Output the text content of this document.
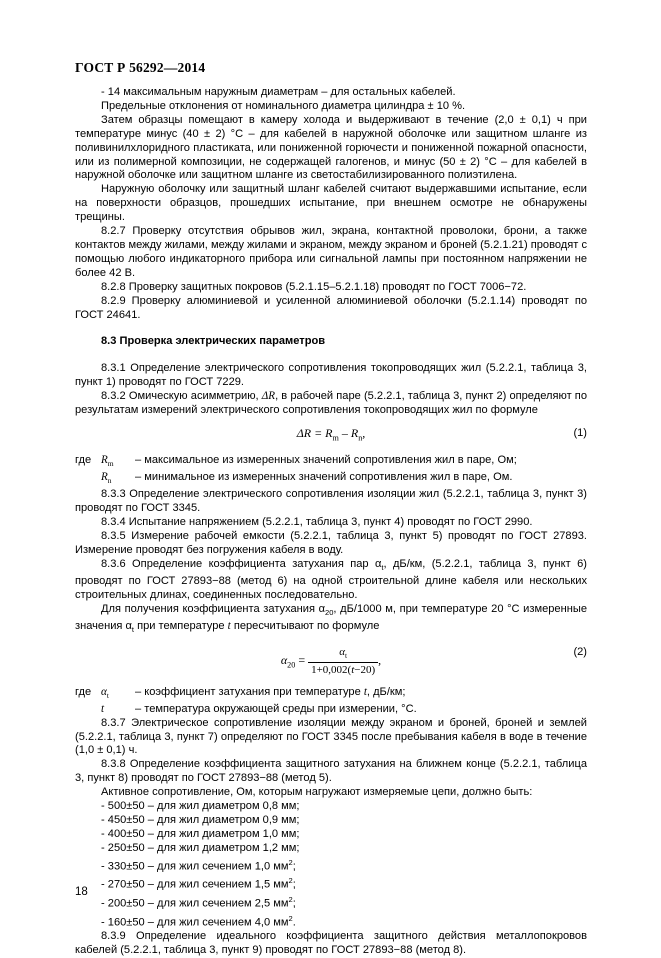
ГОСТ Р 56292—2014

- 14 максимальным наружным диаметрам – для остальных кабелей.

Предельные отклонения от номинального диаметра цилиндра ± 10 %.

Затем образцы помещают в камеру холода и выдерживают в течение (2,0 ± 0,1) ч при температуре минус (40 ± 2) °С – для кабелей в наружной оболочке или защитном шланге из поливинилхлоридного пластиката, или пониженной горючести и пониженной пожарной опасности, или из полимерной композиции, не содержащей галогенов, и минус (50 ± 2) °С – для кабелей в наружной оболочке или защитном шланге из светостабилизированного полиэтилена.

Наружную оболочку или защитный шланг кабелей считают выдержавшими испытание, если на поверхности образцов, прошедших испытание, при внешнем осмотре не обнаружены трещины.

8.2.7 Проверку отсутствия обрывов жил, экрана, контактной проволоки, брони, а также контактов между жилами, между жилами и экраном, между экраном и броней (5.2.1.21) проводят с помощью любого индикаторного прибора или сигнальной лампы при постоянном напряжении не более 42 В.

8.2.8 Проверку защитных покровов (5.2.1.15–5.2.1.18) проводят по ГОСТ 7006−72.

8.2.9 Проверку алюминиевой и усиленной алюминиевой оболочки (5.2.1.14) проводят по ГОСТ 24641.

8.3 Проверка электрических параметров

8.3.1 Определение электрического сопротивления токопроводящих жил (5.2.2.1, таблица 3, пункт 1) проводят по ГОСТ 7229.

8.3.2 Омическую асимметрию, ΔR, в рабочей паре (5.2.2.1, таблица 3, пункт 2) определяют по результатам измерений электрического сопротивления токопроводящих жил по формуле

$\Delta R = R_m - R_n$,	(1)
где $R_m$ – максимальное из измеренных значений сопротивления жил в паре, Ом;
$R_n$ – минимальное из измеренных значений сопротивления жил в паре, Ом.

8.3.3 Определение электрического сопротивления изоляции жил (5.2.2.1, таблица 3, пункт 3) проводят по ГОСТ 3345.

8.3.4 Испытание напряжением (5.2.2.1, таблица 3, пункт 4) проводят по ГОСТ 2990.

8.3.5 Измерение рабочей емкости (5.2.2.1, таблица 3, пункт 5) проводят по ГОСТ 27893. Измерение проводят без погружения кабеля в воду.

8.3.6 Определение коэффициента затухания пар $\alpha_t$, дБ/км, (5.2.2.1, таблица 3, пункт 6) проводят по ГОСТ 27893−88 (метод 6) на одной строительной длине кабеля или нескольких строительных длинах, соединенных последовательно.

Для получения коэффициента затухания $\alpha_{20}$, дБ/1000 м, при температуре 20 °С измеренные значения $\alpha_t$ при температуре t пересчитывают по формуле

$\alpha_{20} = \frac{\alpha_t}{1+0,002(t-20)}$ ,
(2)
где $\alpha_t$ – коэффициент затухания при температуре t, дБ/км;
t	– температура окружающей среды при измерении, °С.

8.3.7 Электрическое сопротивление изоляции между экраном и броней, броней и землей (5.2.2.1, таблица 3, пункт 7) определяют по ГОСТ 3345 после пребывания кабеля в воде в течение (1,0 ± 0,1) ч.

8.3.8 Определение коэффициента защитного затухания на ближнем конце (5.2.2.1, таблица 3, пункт 8) проводят по ГОСТ 27893−88 (метод 5).

Активное сопротивление, Ом, которым нагружают измеряемые цепи, должно быть:

- 500±50 – для жил диаметром 0,8 мм;

- 450±50 – для жил диаметром 0,9 мм;

- 400±50 – для жил диаметром 1,0 мм;

- 250±50 – для жил диаметром 1,2 мм;

- 330±50 – для жил сечением 1,0 $мм^2$;

- 270±50 – для жил сечением 1,5 $мм^2$;

- 200±50 – для жил сечением 2,5 $мм^2$;

- 160±50 – для жил сечением 4,0 $мм^2$.

8.3.9 Определение идеального коэффициента защитного действия металлопокровов кабелей (5.2.2.1, таблица 3, пункт 9) проводят по ГОСТ 27893−88 (метод 8).

18
